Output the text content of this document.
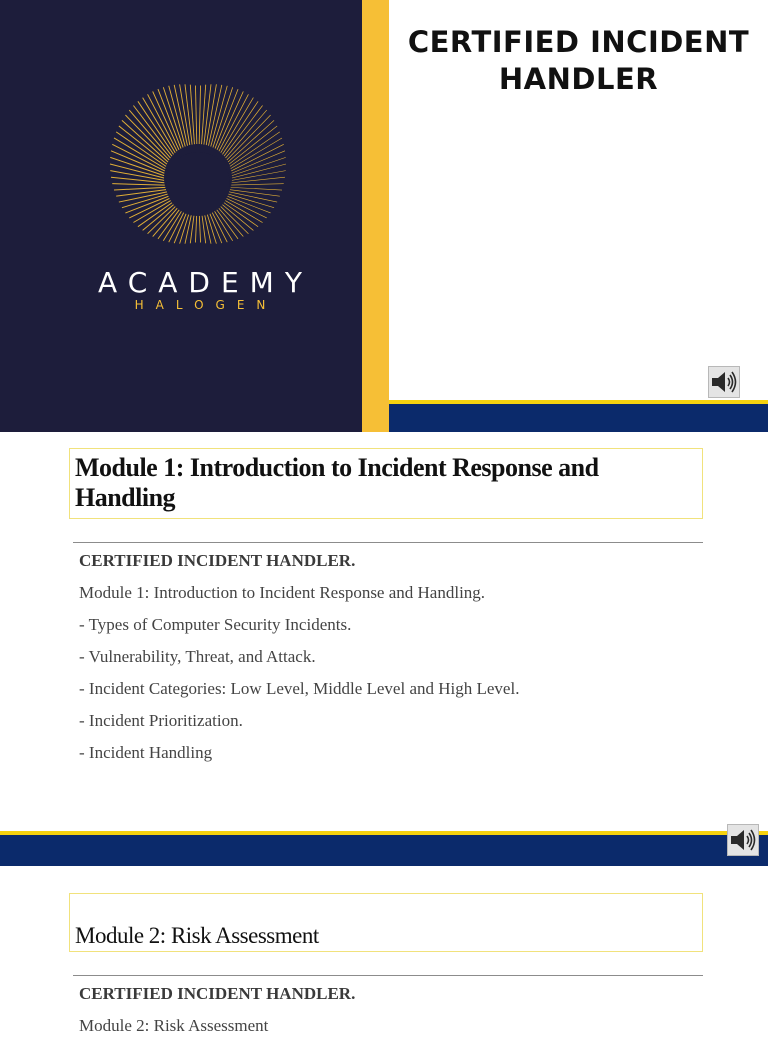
ACADEMY
HALOGEN
CERTIFIED INCIDENT HANDLER
Module 1: Introduction to Incident Response and Handling
CERTIFIED INCIDENT HANDLER.
Module 1: Introduction to Incident Response and Handling.
- Types of Computer Security Incidents.
- Vulnerability, Threat, and Attack.
- Incident Categories: Low Level, Middle Level and High Level.
- Incident Prioritization.
- Incident Handling
Module 2: Risk Assessment
CERTIFIED INCIDENT HANDLER.
Module 2: Risk Assessment
